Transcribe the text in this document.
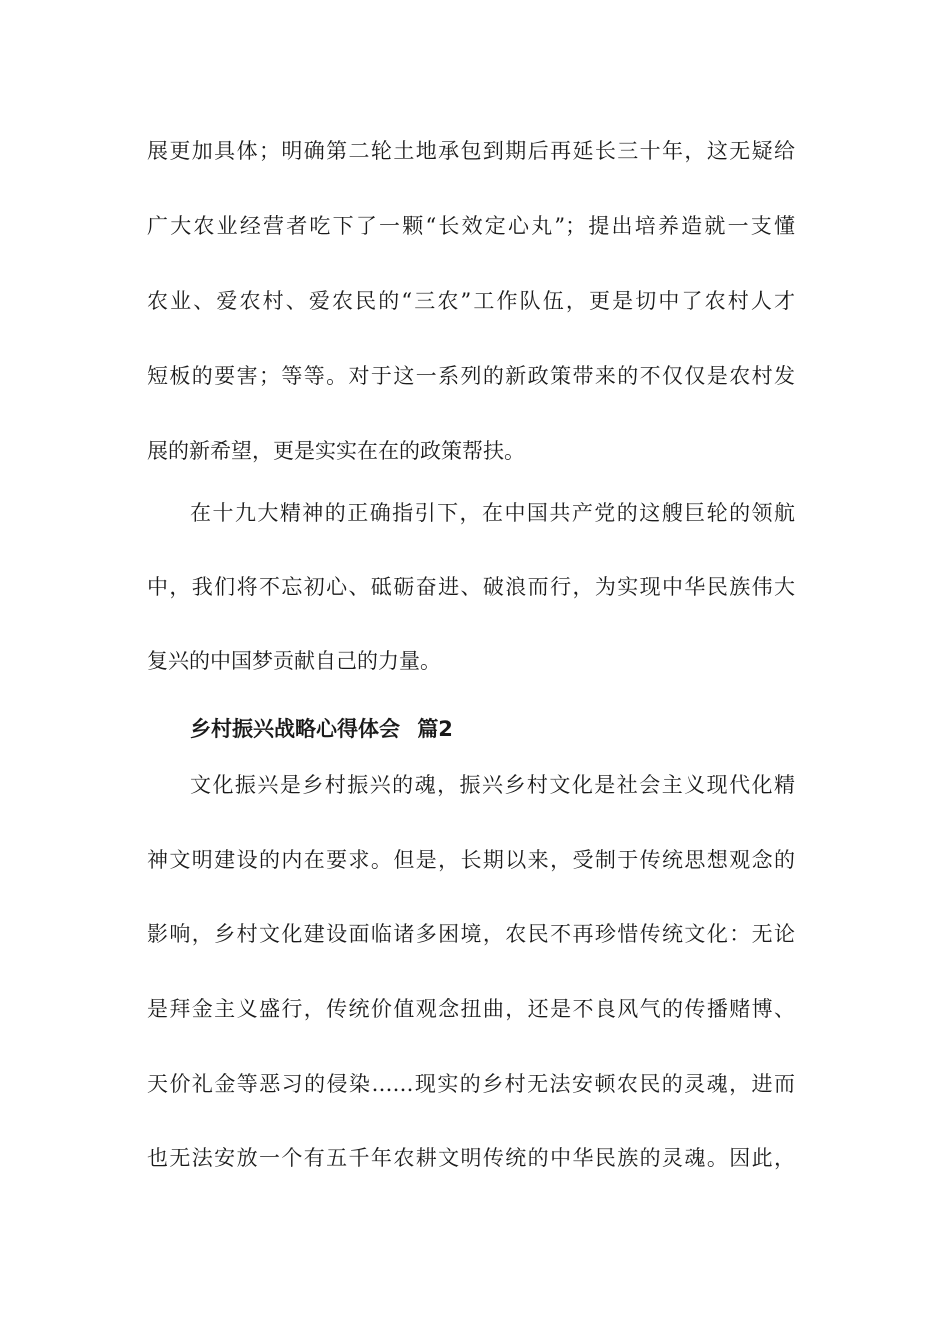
展更加具体；明确第二轮土地承包到期后再延长三十年，这无疑给
广大农业经营者吃下了一颗“长效定心丸”；提出培养造就一支懂
农业、爱农村、爱农民的“三农”工作队伍，更是切中了农村人才
短板的要害；等等。对于这一系列的新政策带来的不仅仅是农村发
展的新希望，更是实实在在的政策帮扶。
在十九大精神的正确指引下，在中国共产党的这艘巨轮的领航
中，我们将不忘初心、砥砺奋进、破浪而行，为实现中华民族伟大
复兴的中国梦贡献自己的力量。
乡村振兴战略心得体会 篇2
文化振兴是乡村振兴的魂，振兴乡村文化是社会主义现代化精
神文明建设的内在要求。但是，长期以来，受制于传统思想观念的
影响，乡村文化建设面临诸多困境，农民不再珍惜传统文化：无论
是拜金主义盛行，传统价值观念扭曲，还是不良风气的传播赌博、
天价礼金等恶习的侵染……现实的乡村无法安顿农民的灵魂，进而
也无法安放一个有五千年农耕文明传统的中华民族的灵魂。因此，
